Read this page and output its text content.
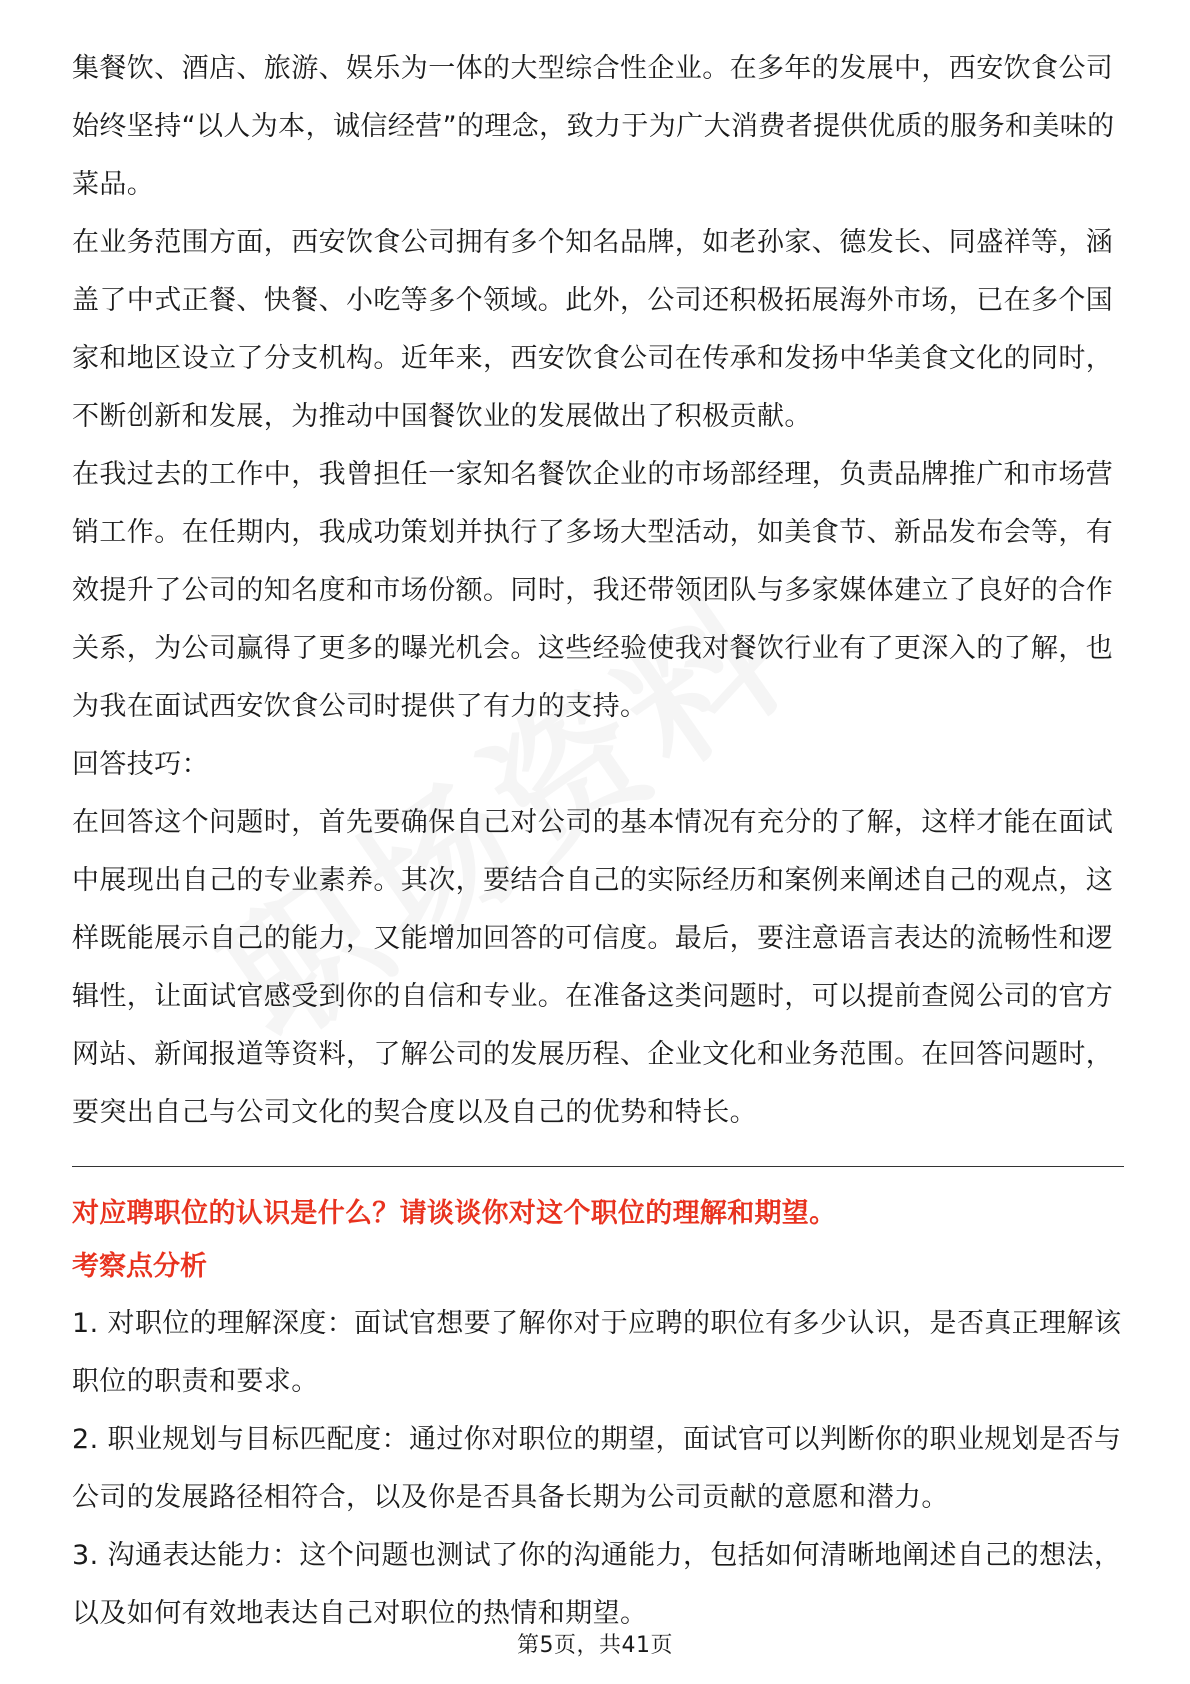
集餐饮、酒店、旅游、娱乐为一体的大型综合性企业。在多年的发展中，西安饮食公司始终坚持“以人为本，诚信经营”的理念，致力于为广大消费者提供优质的服务和美味的菜品。

在业务范围方面，西安饮食公司拥有多个知名品牌，如老孙家、德发长、同盛祥等，涵盖了中式正餐、快餐、小吃等多个领域。此外，公司还积极拓展海外市场，已在多个国家和地区设立了分支机构。近年来，西安饮食公司在传承和发扬中华美食文化的同时，不断创新和发展，为推动中国餐饮业的发展做出了积极贡献。

在我过去的工作中，我曾担任一家知名餐饮企业的市场部经理，负责品牌推广和市场营销工作。在任期内，我成功策划并执行了多场大型活动，如美食节、新品发布会等，有效提升了公司的知名度和市场份额。同时，我还带领团队与多家媒体建立了良好的合作关系，为公司赢得了更多的曝光机会。这些经验使我对餐饮行业有了更深入的了解，也为我在面试西安饮食公司时提供了有力的支持。

回答技巧：

在回答这个问题时，首先要确保自己对公司的基本情况有充分的了解，这样才能在面试中展现出自己的专业素养。其次，要结合自己的实际经历和案例来阐述自己的观点，这样既能展示自己的能力，又能增加回答的可信度。最后，要注意语言表达的流畅性和逻辑性，让面试官感受到你的自信和专业。在准备这类问题时，可以提前查阅公司的官方网站、新闻报道等资料，了解公司的发展历程、企业文化和业务范围。在回答问题时，要突出自己与公司文化的契合度以及自己的优势和特长。

对应聘职位的认识是什么？请谈谈你对这个职位的理解和期望。

考察点分析

1. 对职位的理解深度：面试官想要了解你对于应聘的职位有多少认识，是否真正理解该职位的职责和要求。

2. 职业规划与目标匹配度：通过你对职位的期望，面试官可以判断你的职业规划是否与公司的发展路径相符合，以及你是否具备长期为公司贡献的意愿和潜力。

3. 沟通表达能力：这个问题也测试了你的沟通能力，包括如何清晰地阐述自己的想法，以及如何有效地表达自己对职位的热情和期望。

第5页，共41页
